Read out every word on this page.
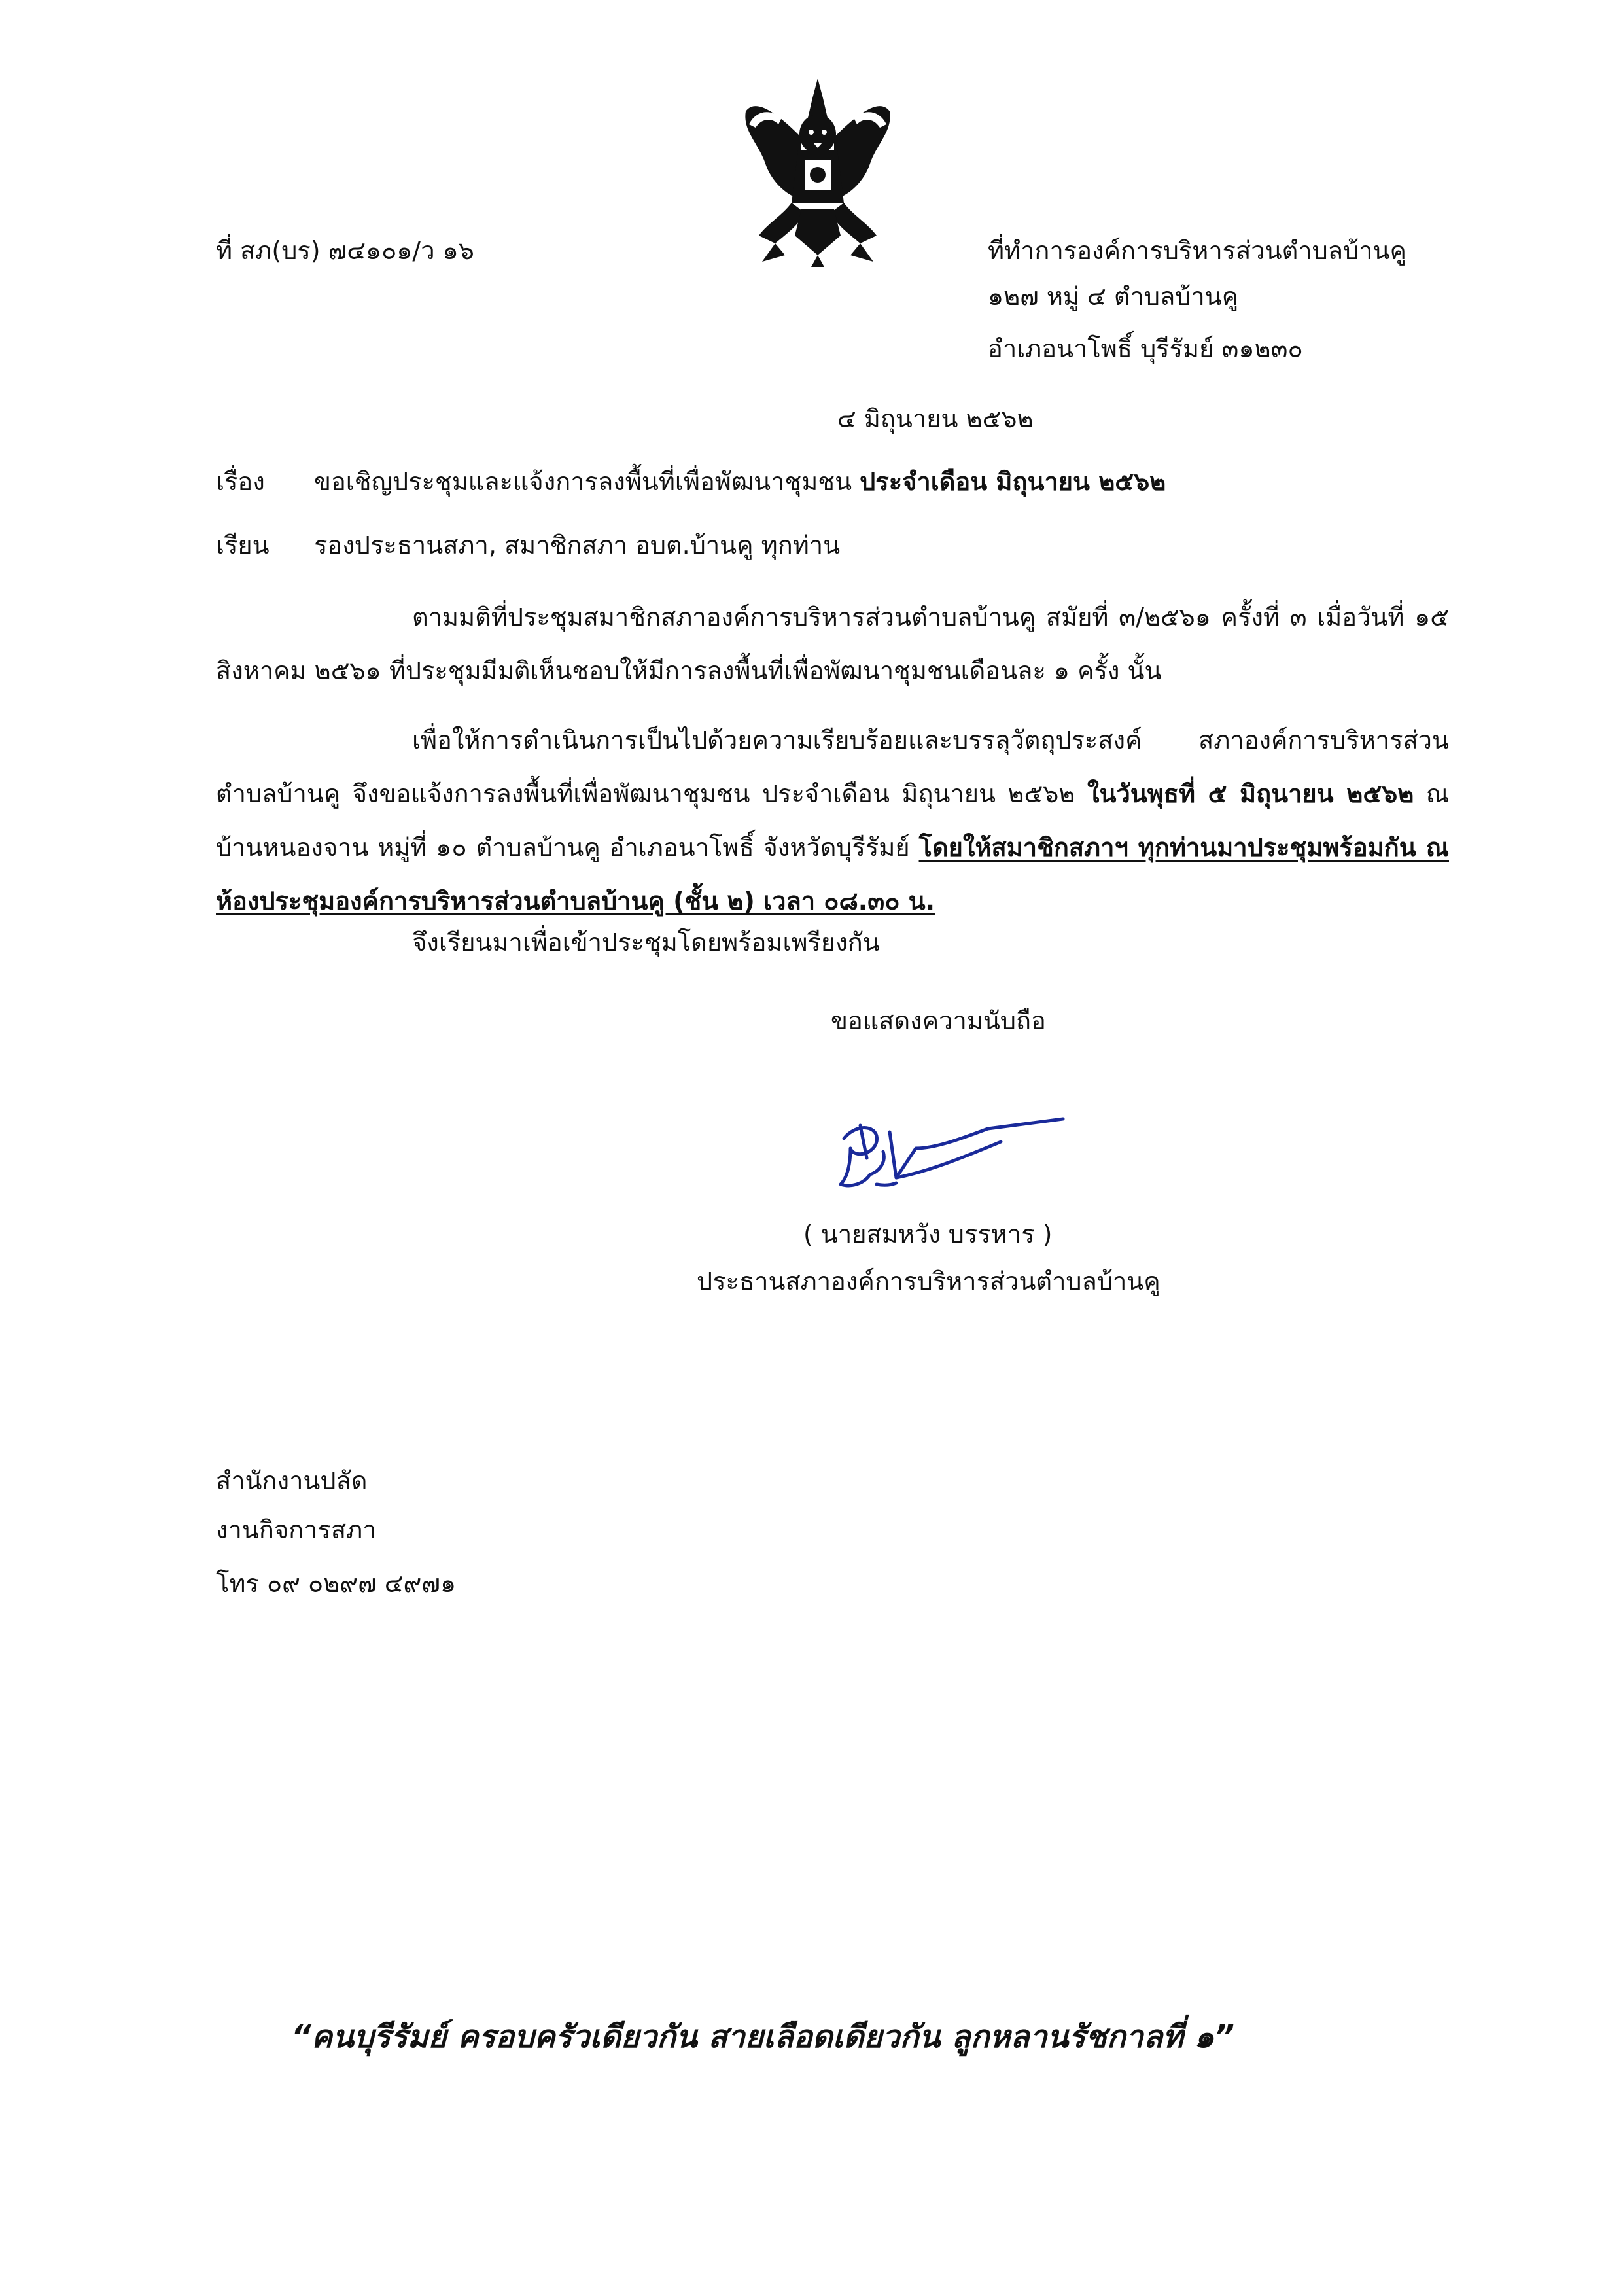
ที่ สภ(บร) ๗๔๑๐๑/ว ๑๖	ที่ทำการองค์การบริหารส่วนตำบลบ้านคู
๑๒๗ หมู่ ๔ ตำบลบ้านคู
อำเภอนาโพธิ์ บุรีรัมย์ ๓๑๒๓๐
๔ มิถุนายน ๒๕๖๒
เรื่อง ขอเชิญประชุมและแจ้งการลงพื้นที่เพื่อพัฒนาชุมชน ประจำเดือน มิถุนายน ๒๕๖๒
เรียน รองประธานสภา, สมาชิกสภา อบต.บ้านคู ทุกท่าน
ตามมติที่ประชุมสมาชิกสภาองค์การบริหารส่วนตำบลบ้านคู สมัยที่ ๓/๒๕๖๑ ครั้งที่ ๓ เมื่อวันที่ ๑๕ สิงหาคม ๒๕๖๑ ที่ประชุมมีมติเห็นชอบให้มีการลงพื้นที่เพื่อพัฒนาชุมชนเดือนละ ๑ ครั้ง นั้น
เพื่อให้การดำเนินการเป็นไปด้วยความเรียบร้อยและบรรลุวัตถุประสงค์ สภาองค์การบริหารส่วนตำบลบ้านคู จึงขอแจ้งการลงพื้นที่เพื่อพัฒนาชุมชน ประจำเดือน มิถุนายน ๒๕๖๒ ในวันพุธที่ ๕ มิถุนายน ๒๕๖๒ ณ บ้านหนองจาน หมู่ที่ ๑๐ ตำบลบ้านคู อำเภอนาโพธิ์ จังหวัดบุรีรัมย์ โดยให้สมาชิกสภาฯ ทุกท่านมาประชุมพร้อมกัน ณ ห้องประชุมองค์การบริหารส่วนตำบลบ้านคู (ชั้น ๒) เวลา ๐๘.๓๐ น.
จึงเรียนมาเพื่อเข้าประชุมโดยพร้อมเพรียงกัน
ขอแสดงความนับถือ
( นายสมหวัง บรรหาร )
ประธานสภาองค์การบริหารส่วนตำบลบ้านคู
สำนักงานปลัด
งานกิจการสภา
โทร ๐๙ ๐๒๙๗ ๔๙๗๑
“คนบุรีรัมย์ ครอบครัวเดียวกัน สายเลือดเดียวกัน ลูกหลานรัชกาลที่ ๑”
